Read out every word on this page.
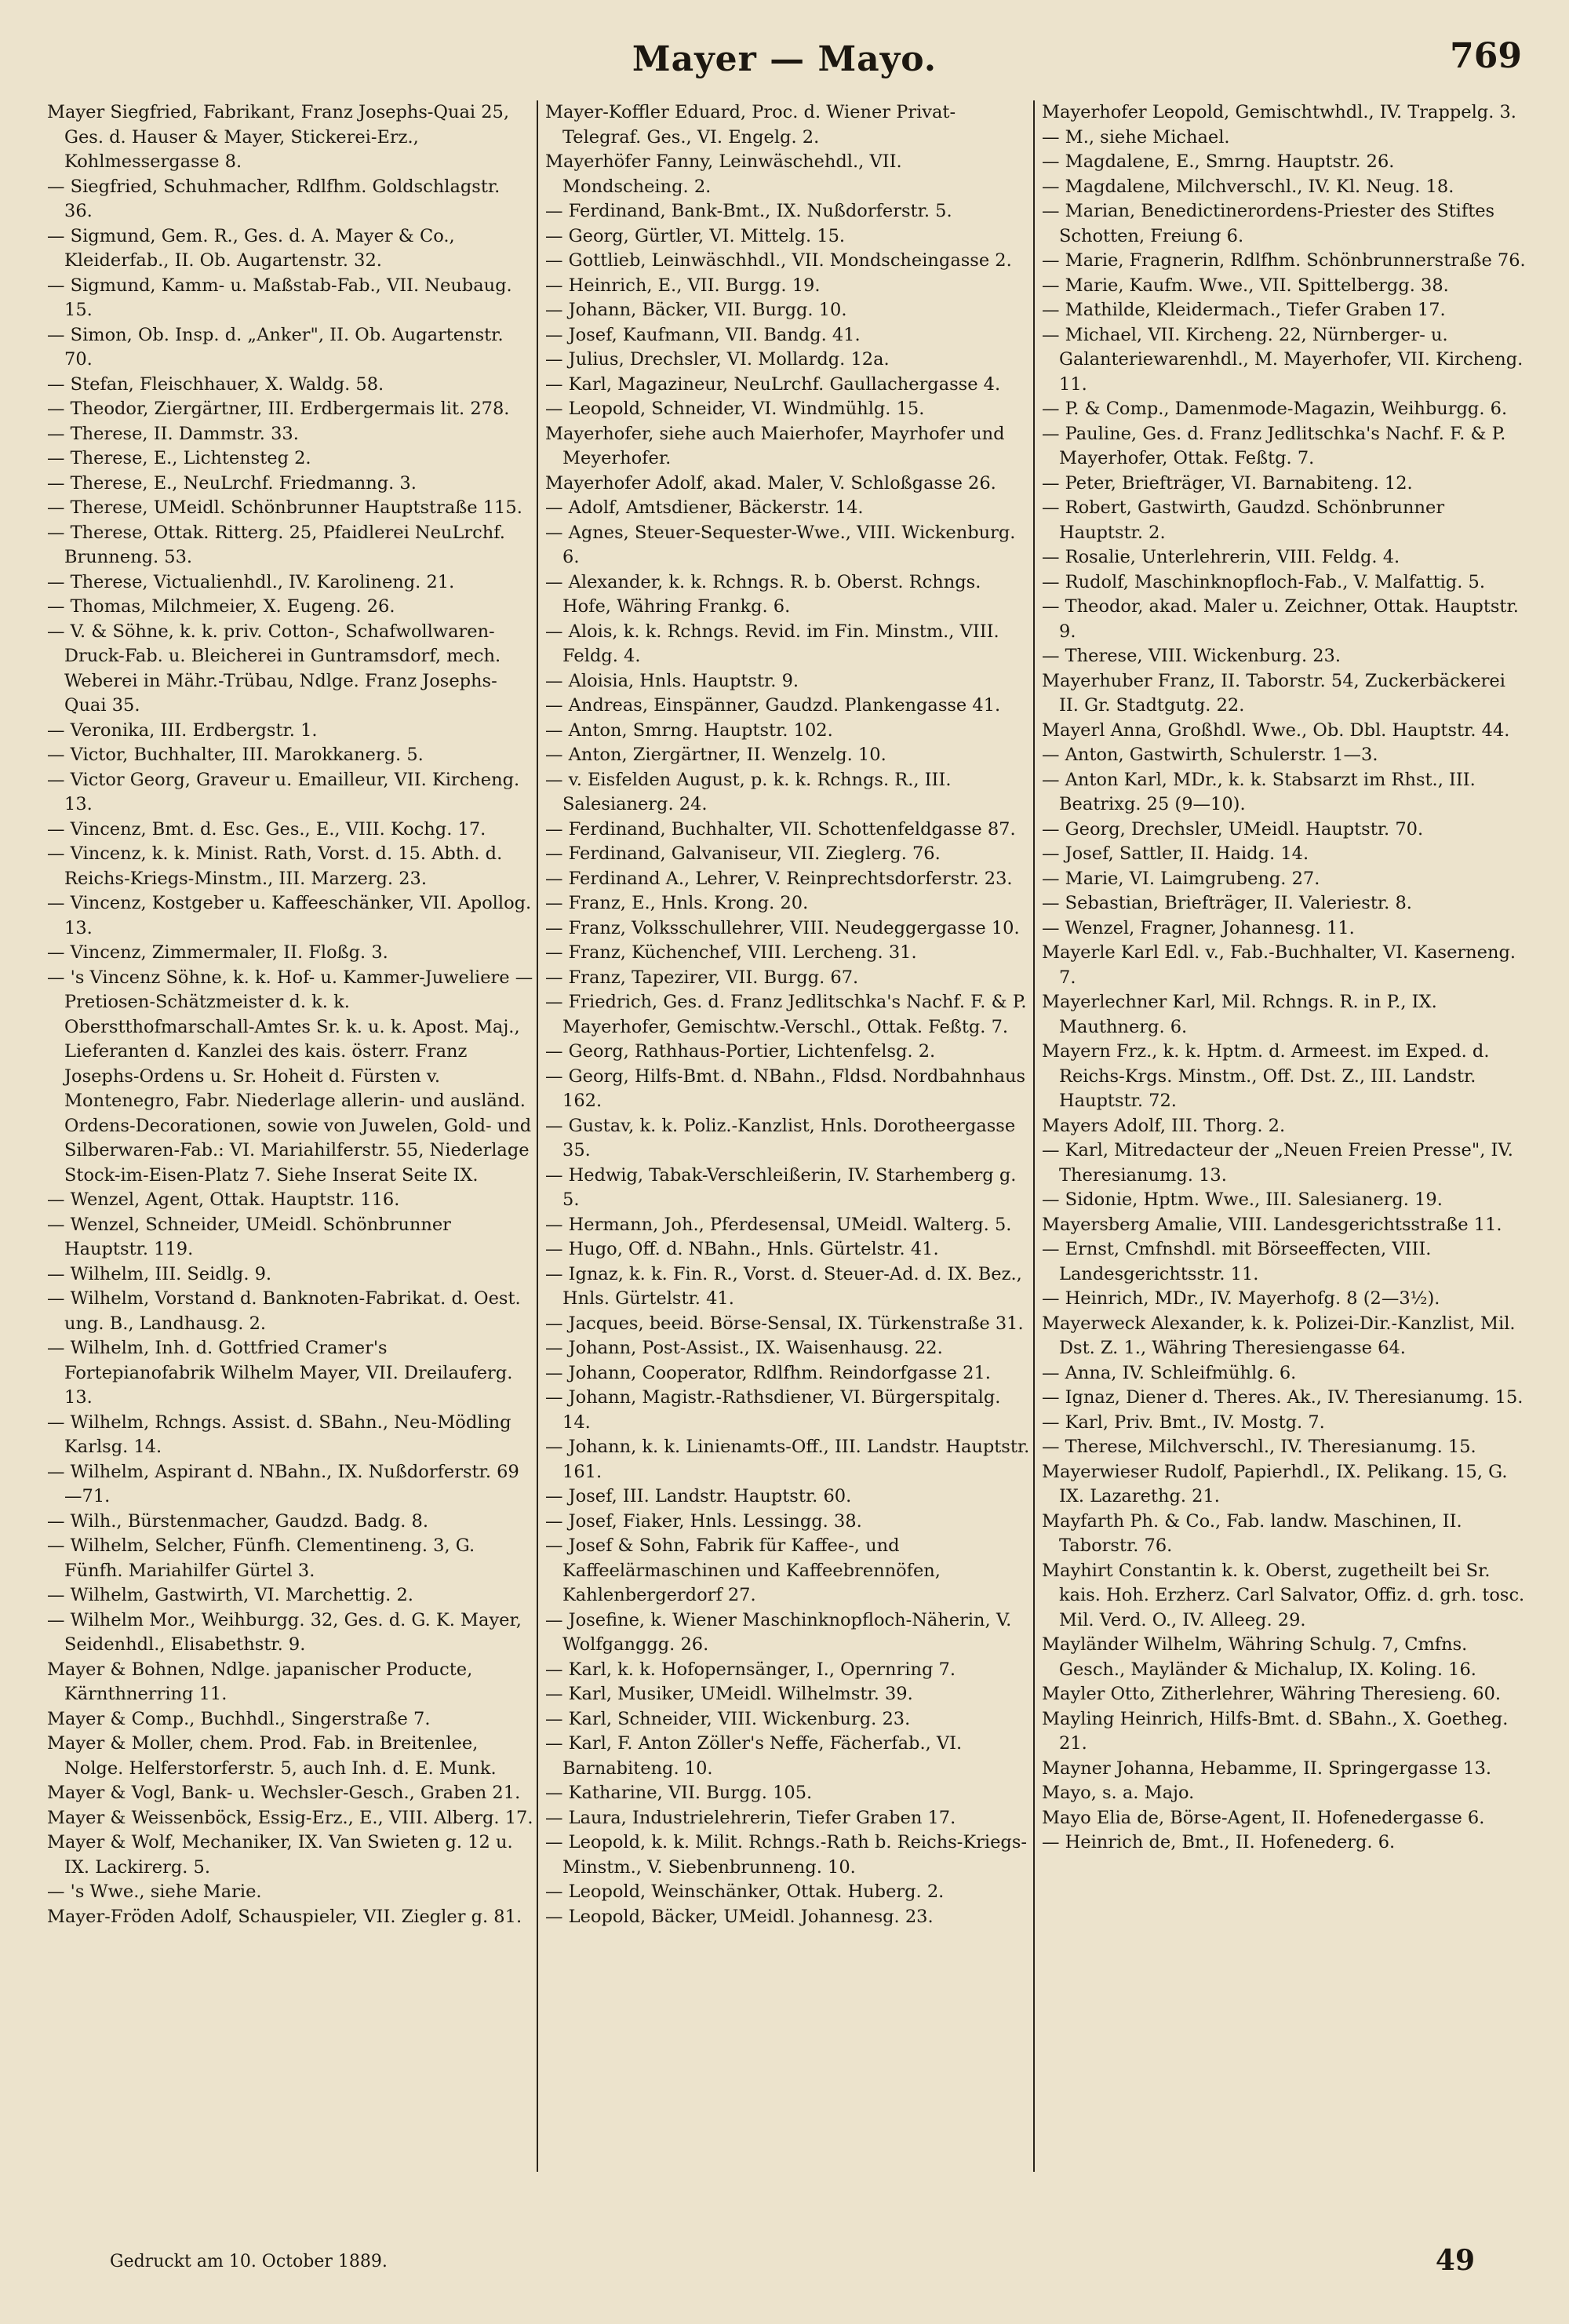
Mayer — Mayo.	769

Mayer Siegfried, Fabrikant, Franz Josephs-Quai 25, Ges. d. Hauser & Mayer, Stickerei-Erz., Kohlmessergasse 8.

— Siegfried, Schuhmacher, Rdlfhm. Goldschlagstr. 36.

— Sigmund, Gem. R., Ges. d. A. Mayer & Co., Kleiderfab., II. Ob. Augartenstr. 32.

— Sigmund, Kamm- u. Maßstab-Fab., VII. Neubaug. 15.

— Simon, Ob. Insp. d. „Anker", II. Ob. Augartenstr. 70.

— Stefan, Fleischhauer, X. Waldg. 58.

— Theodor, Ziergärtner, III. Erdbergermais lit. 278.

— Therese, II. Dammstr. 33.

— Therese, E., Lichtensteg 2.

— Therese, E., NeuLrchf. Friedmanng. 3.

— Therese, UMeidl. Schönbrunner Hauptstraße 115.

— Therese, Ottak. Ritterg. 25, Pfaidlerei NeuLrchf. Brunneng. 53.

— Therese, Victualienhdl., IV. Karolineng. 21.

— Thomas, Milchmeier, X. Eugeng. 26.

— V. & Söhne, k. k. priv. Cotton-, Schafwollwaren-Druck-Fab. u. Bleicherei in Guntramsdorf, mech. Weberei in Mähr.-Trübau, Ndlge. Franz Josephs-Quai 35.

— Veronika, III. Erdbergstr. 1.

— Victor, Buchhalter, III. Marokkanerg. 5.

— Victor Georg, Graveur u. Emailleur, VII. Kircheng. 13.

— Vincenz, Bmt. d. Esc. Ges., E., VIII. Kochg. 17.

— Vincenz, k. k. Minist. Rath, Vorst. d. 15. Abth. d. Reichs-Kriegs-Minstm., III. Marzerg. 23.

— Vincenz, Kostgeber u. Kaffeeschänker, VII. Apollog. 13.

— Vincenz, Zimmermaler, II. Floßg. 3.

— 's Vincenz Söhne, k. k. Hof- u. Kammer-Juweliere — Pretiosen-Schätzmeister d. k. k. Oberstthofmarschall-Amtes Sr. k. u. k. Apost. Maj., Lieferanten d. Kanzlei des kais. österr. Franz Josephs-Ordens u. Sr. Hoheit d. Fürsten v. Montenegro, Fabr. Niederlage allerin- und ausländ. Ordens-Decorationen, sowie von Juwelen, Gold- und Silberwaren-Fab.: VI. Mariahilferstr. 55, Niederlage Stock-im-Eisen-Platz 7. Siehe Inserat Seite IX.

— Wenzel, Agent, Ottak. Hauptstr. 116.

— Wenzel, Schneider, UMeidl. Schönbrunner Hauptstr. 119.

— Wilhelm, III. Seidlg. 9.

— Wilhelm, Vorstand d. Banknoten-Fabrikat. d. Oest. ung. B., Landhausg. 2.

— Wilhelm, Inh. d. Gottfried Cramer's Fortepianofabrik Wilhelm Mayer, VII. Dreilauferg. 13.

— Wilhelm, Rchngs. Assist. d. SBahn., Neu-Mödling Karlsg. 14.

— Wilhelm, Aspirant d. NBahn., IX. Nußdorferstr. 69—71.

— Wilh., Bürstenmacher, Gaudzd. Badg. 8.

— Wilhelm, Selcher, Fünfh. Clementineng. 3, G. Fünfh. Mariahilfer Gürtel 3.

— Wilhelm, Gastwirth, VI. Marchettig. 2.

— Wilhelm Mor., Weihburgg. 32, Ges. d. G. K. Mayer, Seidenhdl., Elisabethstr. 9.

Mayer & Bohnen, Ndlge. japanischer Producte, Kärnthnerring 11.

Mayer & Comp., Buchhdl., Singerstraße 7.

Mayer & Moller, chem. Prod. Fab. in Breitenlee, Nolge. Helferstorferstr. 5, auch Inh. d. E. Munk.

Mayer & Vogl, Bank- u. Wechsler-Gesch., Graben 21.

Mayer & Weissenböck, Essig-Erz., E., VIII. Alberg. 17.

Mayer & Wolf, Mechaniker, IX. Van Swieten g. 12 u. IX. Lackirerg. 5.

— 's Wwe., siehe Marie.

Mayer-Fröden Adolf, Schauspieler, VII. Ziegler g. 81.

Mayer-Koffler Eduard, Proc. d. Wiener Privat-Telegraf. Ges., VI. Engelg. 2.

Mayerhöfer Fanny, Leinwäschehdl., VII. Mondscheing. 2.

— Ferdinand, Bank-Bmt., IX. Nußdorferstr. 5.

— Georg, Gürtler, VI. Mittelg. 15.

— Gottlieb, Leinwäschhdl., VII. Mondscheingasse 2.

— Heinrich, E., VII. Burgg. 19.

— Johann, Bäcker, VII. Burgg. 10.

— Josef, Kaufmann, VII. Bandg. 41.

— Julius, Drechsler, VI. Mollardg. 12a.

— Karl, Magazineur, NeuLrchf. Gaullachergasse 4.

— Leopold, Schneider, VI. Windmühlg. 15.

Mayerhofer, siehe auch Maierhofer, Mayrhofer und Meyerhofer.

Mayerhofer Adolf, akad. Maler, V. Schloßgasse 26.

— Adolf, Amtsdiener, Bäckerstr. 14.

— Agnes, Steuer-Sequester-Wwe., VIII. Wickenburg. 6.

— Alexander, k. k. Rchngs. R. b. Oberst. Rchngs. Hofe, Währing Frankg. 6.

— Alois, k. k. Rchngs. Revid. im Fin. Minstm., VIII. Feldg. 4.

— Aloisia, Hnls. Hauptstr. 9.

— Andreas, Einspänner, Gaudzd. Plankengasse 41.

— Anton, Smrng. Hauptstr. 102.

— Anton, Ziergärtner, II. Wenzelg. 10.

— v. Eisfelden August, p. k. k. Rchngs. R., III. Salesianerg. 24.

— Ferdinand, Buchhalter, VII. Schottenfeldgasse 87.

— Ferdinand, Galvaniseur, VII. Zieglerg. 76.

— Ferdinand A., Lehrer, V. Reinprechtsdorferstr. 23.

— Franz, E., Hnls. Krong. 20.

— Franz, Volksschullehrer, VIII. Neudeggergasse 10.

— Franz, Küchenchef, VIII. Lercheng. 31.

— Franz, Tapezirer, VII. Burgg. 67.

— Friedrich, Ges. d. Franz Jedlitschka's Nachf. F. & P. Mayerhofer, Gemischtw.-Verschl., Ottak. Feßtg. 7.

— Georg, Rathhaus-Portier, Lichtenfelsg. 2.

— Georg, Hilfs-Bmt. d. NBahn., Fldsd. Nordbahnhaus 162.

— Gustav, k. k. Poliz.-Kanzlist, Hnls. Dorotheergasse 35.

— Hedwig, Tabak-Verschleißerin, IV. Starhemberg g. 5.

— Hermann, Joh., Pferdesensal, UMeidl. Walterg. 5.

— Hugo, Off. d. NBahn., Hnls. Gürtelstr. 41.

— Ignaz, k. k. Fin. R., Vorst. d. Steuer-Ad. d. IX. Bez., Hnls. Gürtelstr. 41.

— Jacques, beeid. Börse-Sensal, IX. Türkenstraße 31.

— Johann, Post-Assist., IX. Waisenhausg. 22.

— Johann, Cooperator, Rdlfhm. Reindorfgasse 21.

— Johann, Magistr.-Rathsdiener, VI. Bürgerspitalg. 14.

— Johann, k. k. Linienamts-Off., III. Landstr. Hauptstr. 161.

— Josef, III. Landstr. Hauptstr. 60.

— Josef, Fiaker, Hnls. Lessingg. 38.

— Josef & Sohn, Fabrik für Kaffee-, und Kaffeelärmaschinen und Kaffeebrennöfen, Kahlenbergerdorf 27.

— Josefine, k. Wiener Maschinknopfloch-Näherin, V. Wolfganggg. 26.

— Karl, k. k. Hofopernsänger, I., Opernring 7.

— Karl, Musiker, UMeidl. Wilhelmstr. 39.

— Karl, Schneider, VIII. Wickenburg. 23.

— Karl, F. Anton Zöller's Neffe, Fächerfab., VI. Barnabiteng. 10.

— Katharine, VII. Burgg. 105.

— Laura, Industrielehrerin, Tiefer Graben 17.

— Leopold, k. k. Milit. Rchngs.-Rath b. Reichs-Kriegs-Minstm., V. Siebenbrunneng. 10.

— Leopold, Weinschänker, Ottak. Huberg. 2.

— Leopold, Bäcker, UMeidl. Johannesg. 23.

Mayerhofer Leopold, Gemischtwhdl., IV. Trappelg. 3.

— M., siehe Michael.

— Magdalene, E., Smrng. Hauptstr. 26.

— Magdalene, Milchverschl., IV. Kl. Neug. 18.

— Marian, Benedictinerordens-Priester des Stiftes Schotten, Freiung 6.

— Marie, Fragnerin, Rdlfhm. Schönbrunnerstraße 76.

— Marie, Kaufm. Wwe., VII. Spittelbergg. 38.

— Mathilde, Kleidermach., Tiefer Graben 17.

— Michael, VII. Kircheng. 22, Nürnberger- u. Galanteriewarenhdl., M. Mayerhofer, VII. Kircheng. 11.

— P. & Comp., Damenmode-Magazin, Weihburgg. 6.

— Pauline, Ges. d. Franz Jedlitschka's Nachf. F. & P. Mayerhofer, Ottak. Feßtg. 7.

— Peter, Briefträger, VI. Barnabiteng. 12.

— Robert, Gastwirth, Gaudzd. Schönbrunner Hauptstr. 2.

— Rosalie, Unterlehrerin, VIII. Feldg. 4.

— Rudolf, Maschinknopfloch-Fab., V. Malfattig. 5.

— Theodor, akad. Maler u. Zeichner, Ottak. Hauptstr. 9.

— Therese, VIII. Wickenburg. 23.

Mayerhuber Franz, II. Taborstr. 54, Zuckerbäckerei II. Gr. Stadtgutg. 22.

Mayerl Anna, Großhdl. Wwe., Ob. Dbl. Hauptstr. 44.

— Anton, Gastwirth, Schulerstr. 1—3.

— Anton Karl, MDr., k. k. Stabsarzt im Rhst., III. Beatrixg. 25 (9—10).

— Georg, Drechsler, UMeidl. Hauptstr. 70.

— Josef, Sattler, II. Haidg. 14.

— Marie, VI. Laimgrubeng. 27.

— Sebastian, Briefträger, II. Valeriestr. 8.

— Wenzel, Fragner, Johannesg. 11.

Mayerle Karl Edl. v., Fab.-Buchhalter, VI. Kaserneng. 7.

Mayerlechner Karl, Mil. Rchngs. R. in P., IX. Mauthnerg. 6.

Mayern Frz., k. k. Hptm. d. Armeest. im Exped. d. Reichs-Krgs. Minstm., Off. Dst. Z., III. Landstr. Hauptstr. 72.

Mayers Adolf, III. Thorg. 2.

— Karl, Mitredacteur der „Neuen Freien Presse", IV. Theresianumg. 13.

— Sidonie, Hptm. Wwe., III. Salesianerg. 19.

Mayersberg Amalie, VIII. Landesgerichtsstraße 11.

— Ernst, Cmfnshdl. mit Börseeffecten, VIII. Landesgerichtsstr. 11.

— Heinrich, MDr., IV. Mayerhofg. 8 (2—3½).

Mayerweck Alexander, k. k. Polizei-Dir.-Kanzlist, Mil. Dst. Z. 1., Währing Theresiengasse 64.

— Anna, IV. Schleifmühlg. 6.

— Ignaz, Diener d. Theres. Ak., IV. Theresianumg. 15.

— Karl, Priv. Bmt., IV. Mostg. 7.

— Therese, Milchverschl., IV. Theresianumg. 15.

Mayerwieser Rudolf, Papierhdl., IX. Pelikang. 15, G. IX. Lazarethg. 21.

Mayfarth Ph. & Co., Fab. landw. Maschinen, II. Taborstr. 76.

Mayhirt Constantin k. k. Oberst, zugetheilt bei Sr. kais. Hoh. Erzherz. Carl Salvator, Offiz. d. grh. tosc. Mil. Verd. O., IV. Alleeg. 29.

Mayländer Wilhelm, Währing Schulg. 7, Cmfns. Gesch., Mayländer & Michalup, IX. Koling. 16.

Mayler Otto, Zitherlehrer, Währing Theresieng. 60.

Mayling Heinrich, Hilfs-Bmt. d. SBahn., X. Goetheg. 21.

Mayner Johanna, Hebamme, II. Springergasse 13.

Mayo, s. a. Majo.

Mayo Elia de, Börse-Agent, II. Hofenedergasse 6.

— Heinrich de, Bmt., II. Hofenederg. 6.

Gedruckt am 10. October 1889.	49
